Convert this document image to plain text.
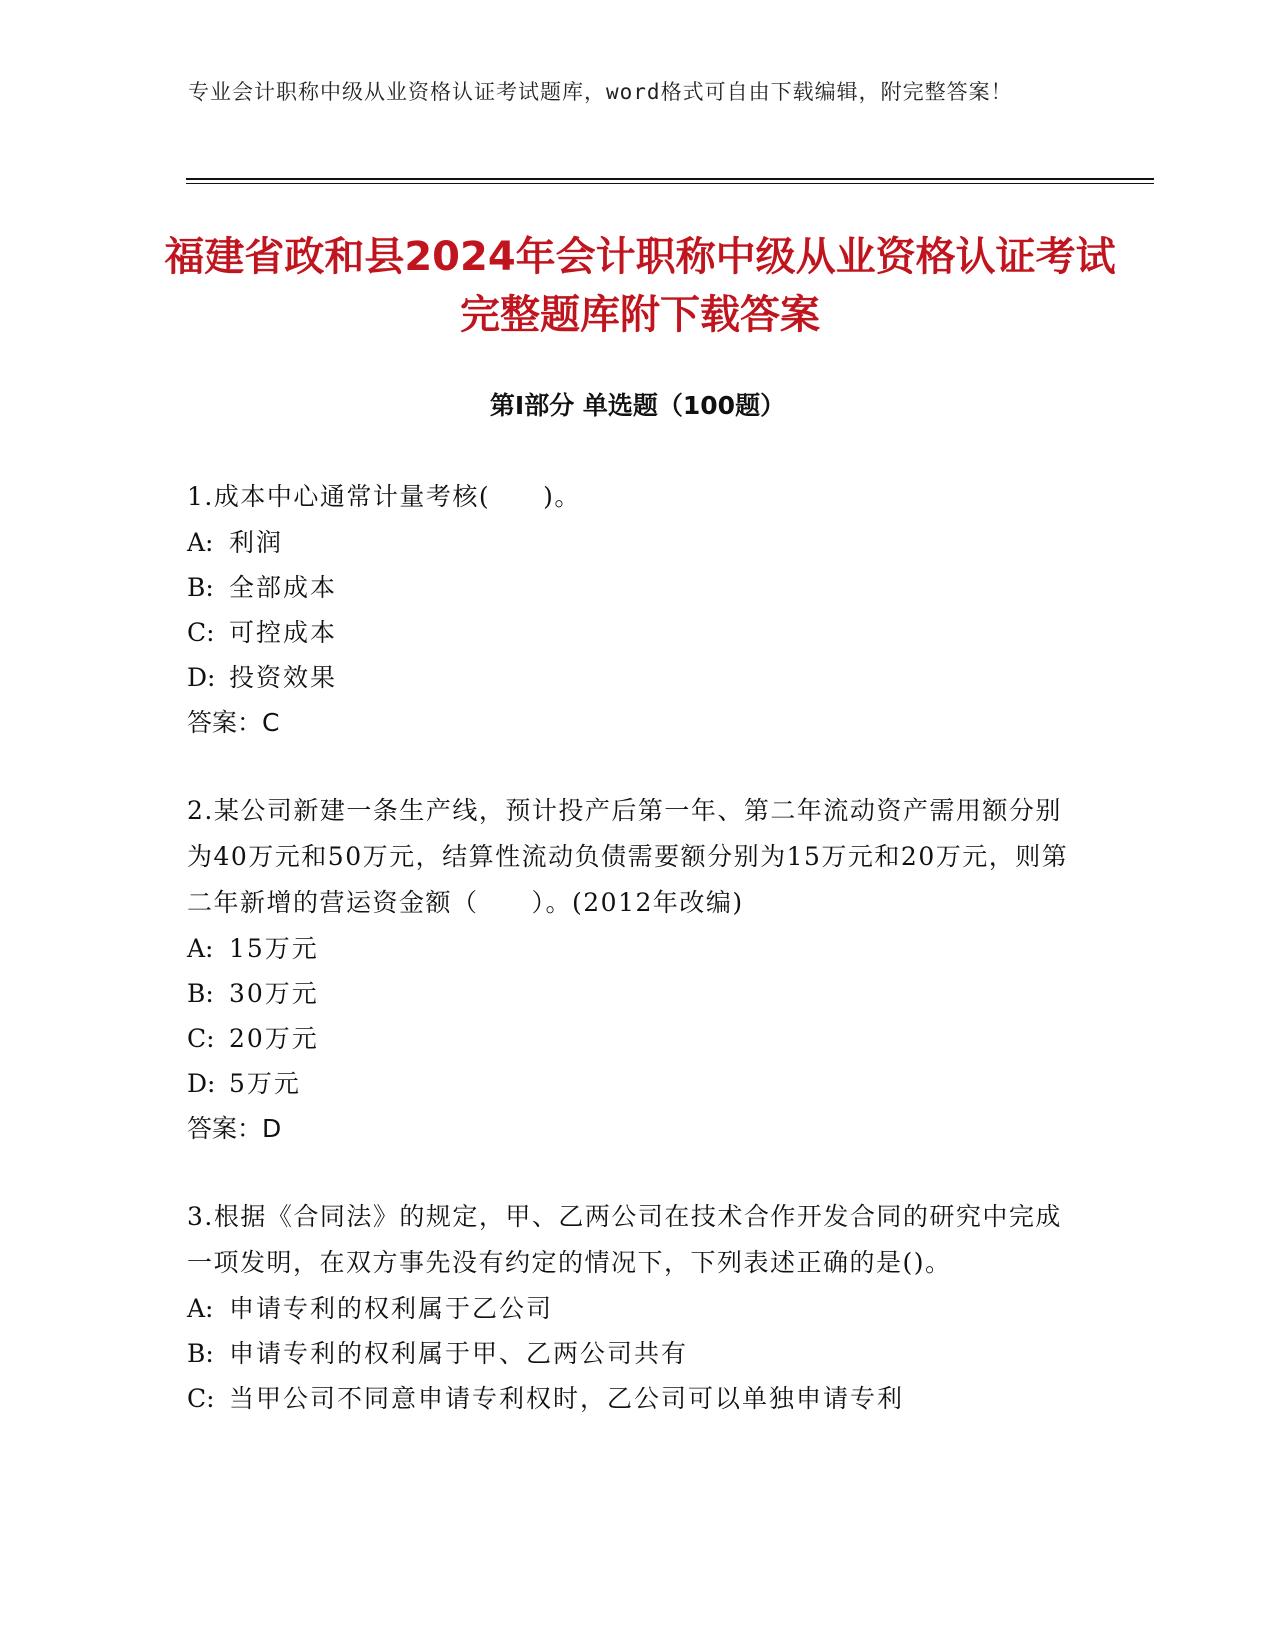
专业会计职称中级从业资格认证考试题库，word格式可自由下载编辑，附完整答案！
福建省政和县2024年会计职称中级从业资格认证考试完整题库附下载答案
第I部分 单选题（100题）

1.成本中心通常计量考核(　　)。

A: 利润

B: 全部成本

C: 可控成本

D: 投资效果

答案：C

2.某公司新建一条生产线，预计投产后第一年、第二年流动资产需用额分别为40万元和50万元，结算性流动负债需要额分别为15万元和20万元，则第二年新增的营运资金额（　　）。(2012年改编)

A: 15万元

B: 30万元

C: 20万元

D: 5万元

答案：D

3.根据《合同法》的规定，甲、乙两公司在技术合作开发合同的研究中完成一项发明，在双方事先没有约定的情况下，下列表述正确的是()。

A: 申请专利的权利属于乙公司

B: 申请专利的权利属于甲、乙两公司共有

C: 当甲公司不同意申请专利权时，乙公司可以单独申请专利
